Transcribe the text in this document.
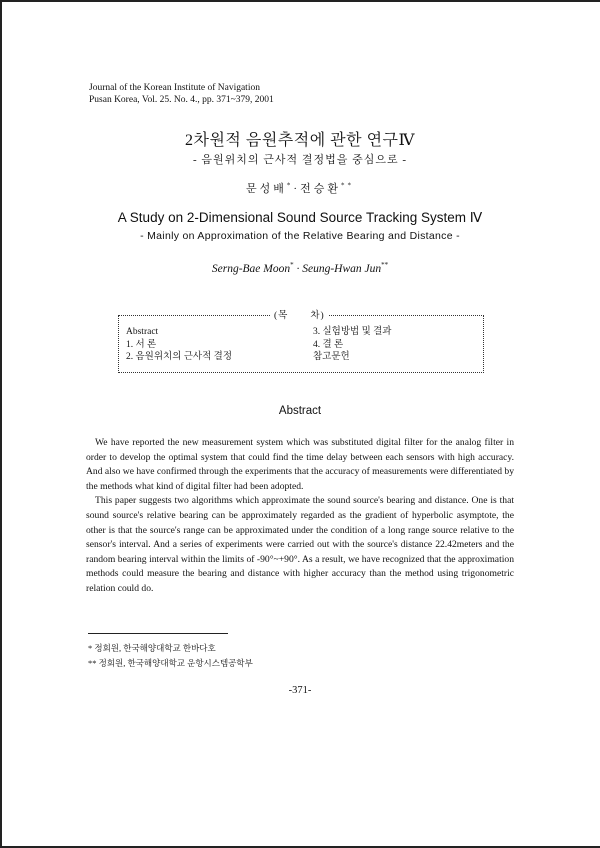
Journal of the Korean Institute of Navigation
Pusan Korea, Vol. 25. No. 4., pp. 371~379, 2001
2차원적 음원추적에 관한 연구Ⅳ
- 음원위치의 근사적 결정법을 중심으로 -
문성배*·전승환**
A Study on 2-Dimensional Sound Source Tracking System Ⅳ
- Mainly on Approximation of the Relative Bearing and Distance -
Serng-Bae Moon* · Seung-Hwan Jun**
(목 차)
Abstract
1. 서 론
2. 음원위치의 근사적 결정
3. 실험방법 및 결과
4. 결 론
참고문헌
Abstract

We have reported the new measurement system which was substituted digital filter for the analog filter in order to develop the optimal system that could find the time delay between each sensors with high accuracy. And also we have confirmed through the experiments that the accuracy of measurements were differentiated by the methods what kind of digital filter had been adopted.

This paper suggests two algorithms which approximate the sound source's bearing and distance. One is that sound source's relative bearing can be approximately regarded as the gradient of hyperbolic asymptote, the other is that the source's range can be approximated under the condition of a long range source relative to the sensor's interval. And a series of experiments were carried out with the source's distance 22.42meters and the random bearing interval within the limits of -90°~+90°. As a result, we have recognized that the approximation methods could measure the bearing and distance with higher accuracy than the method using trigonometric relation could do.

* 정회원, 한국해양대학교 한바다호
** 정회원, 한국해양대학교 운항시스템공학부
-371-
